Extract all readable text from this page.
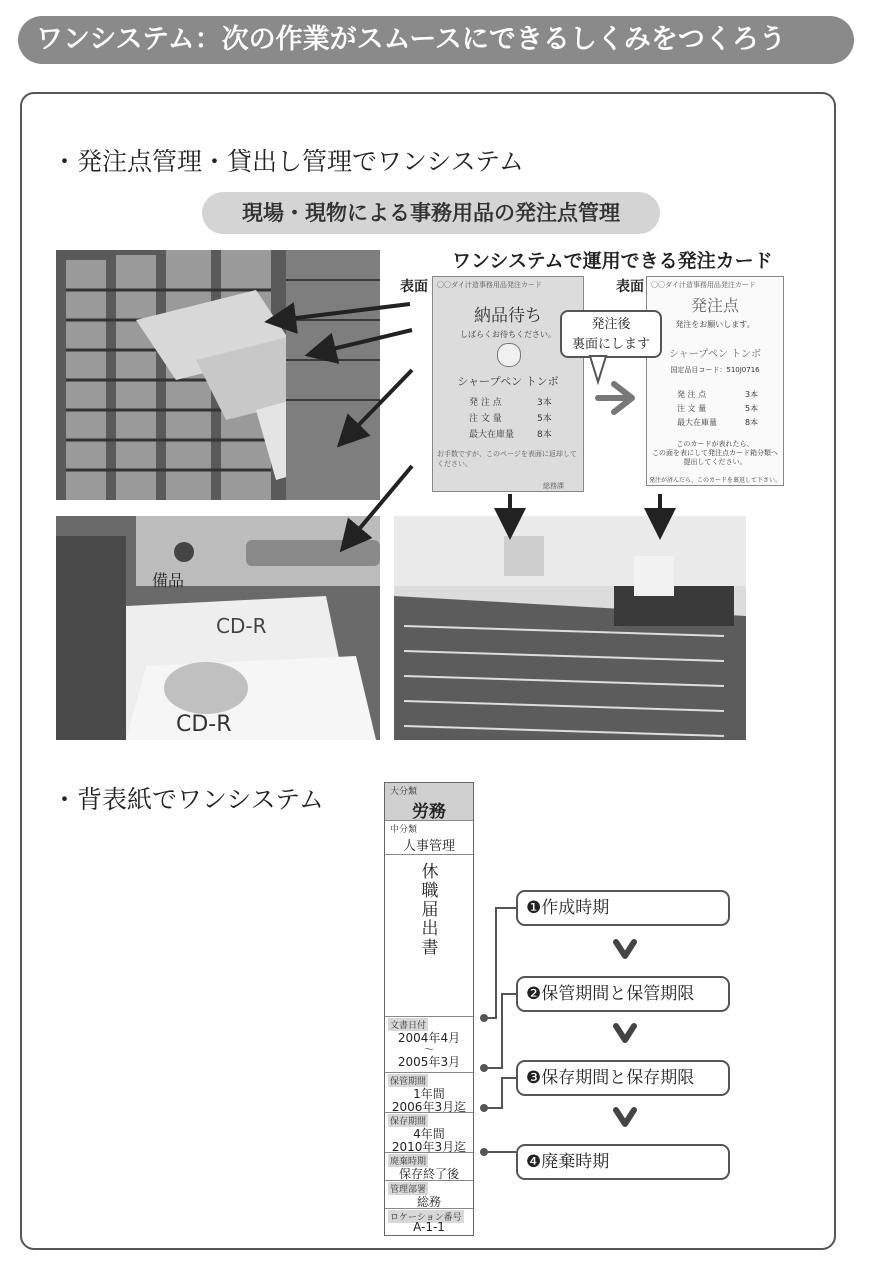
ワンシステム：次の作業がスムースにできるしくみをつくろう
・発注点管理・貸出し管理でワンシステム
現場・現物による事務用品の発注点管理
ワンシステムで運用できる発注カード
表面	表面
〇〇ダイ汁造事務用品発注カード
納品待ち
しばらくお待ちください。
シャープペン トンボ
発 注 点	3本
注 文 量	5本
最大在庫量	8本
お手数ですが、このページを表面に返却してください。
総務課
〇〇ダイ汁造事務用品発注カード
発注点
発注をお願いします。
シャープペン トンボ
国定品目コード：510J0716
発 注 点	3本
注 文 量	5本
最大在庫量	8本
このカードが表れたら、
この面を表にして発注点カード箱分類へ
提出してください。
発注が済んだら、このカードを裏返して下さい。
発注後
裏面にします
備品
CD-R
CD-R
・背表紙でワンシステム	大分類
労務
中分類
人事管理
休職届出書
文書日付
2004年4月
〜
2005年3月
保管期間
1年間
2006年3月迄
保存期間
4年間
2010年3月迄
廃棄時期
保存終了後
管理部署
総務
ロケーション番号
A-1-1
❶作成時期
❷保管期間と保管期限
❸保存期間と保存期限
❹廃棄時期
